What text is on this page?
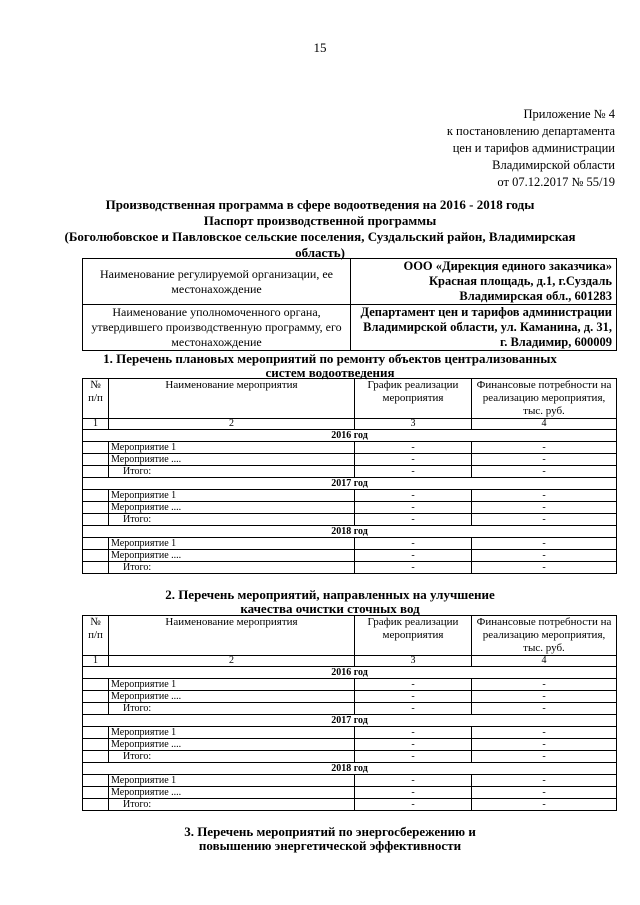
15
Приложение № 4
к постановлению департамента
цен и тарифов администрации
Владимирской области
от 07.12.2017 № 55/19
Производственная программа в сфере водоотведения на 2016 - 2018 годы
Паспорт производственной программы
(Боголюбовское и Павловское сельские поселения, Суздальский район, Владимирская
область)
Наименование регулируемой организации, ее местонахождение	ООО «Дирекция единого заказчика»
Красная площадь, д.1, г.Суздаль
Владимирская обл., 601283

Наименование уполномоченного органа, утвердившего производственную программу, его местонахождение	Департамент цен и тарифов администрации
Владимирской области, ул. Каманина, д. 31,
г. Владимир, 600009
1. Перечень плановых мероприятий по ремонту объектов централизованных
систем водоотведения
№ п/п	Наименование мероприятия	График реализации мероприятия	Финансовые потребности на реализацию мероприятия, тыс. руб.
1	2	3	4
2016 год			
	Мероприятие 1	-	-
	Мероприятие ....	-	-
	Итого:	-	-
2017 год			
	Мероприятие 1	-	-
	Мероприятие ....	-	-
	Итого:	-	-
2018 год			
	Мероприятие 1	-	-
	Мероприятие ....	-	-
	Итого:	-	-
2. Перечень мероприятий, направленных на улучшение
качества очистки сточных вод
№ п/п	Наименование мероприятия	График реализации мероприятия	Финансовые потребности на реализацию мероприятия, тыс. руб.
1	2	3	4
2016 год			
	Мероприятие 1	-	-
	Мероприятие ....	-	-
	Итого:	-	-
2017 год			
	Мероприятие 1	-	-
	Мероприятие ....	-	-
	Итого:	-	-
2018 год			
	Мероприятие 1	-	-
	Мероприятие ....	-	-
	Итого:	-	-
3. Перечень мероприятий по энергосбережению и
повышению энергетической эффективности
